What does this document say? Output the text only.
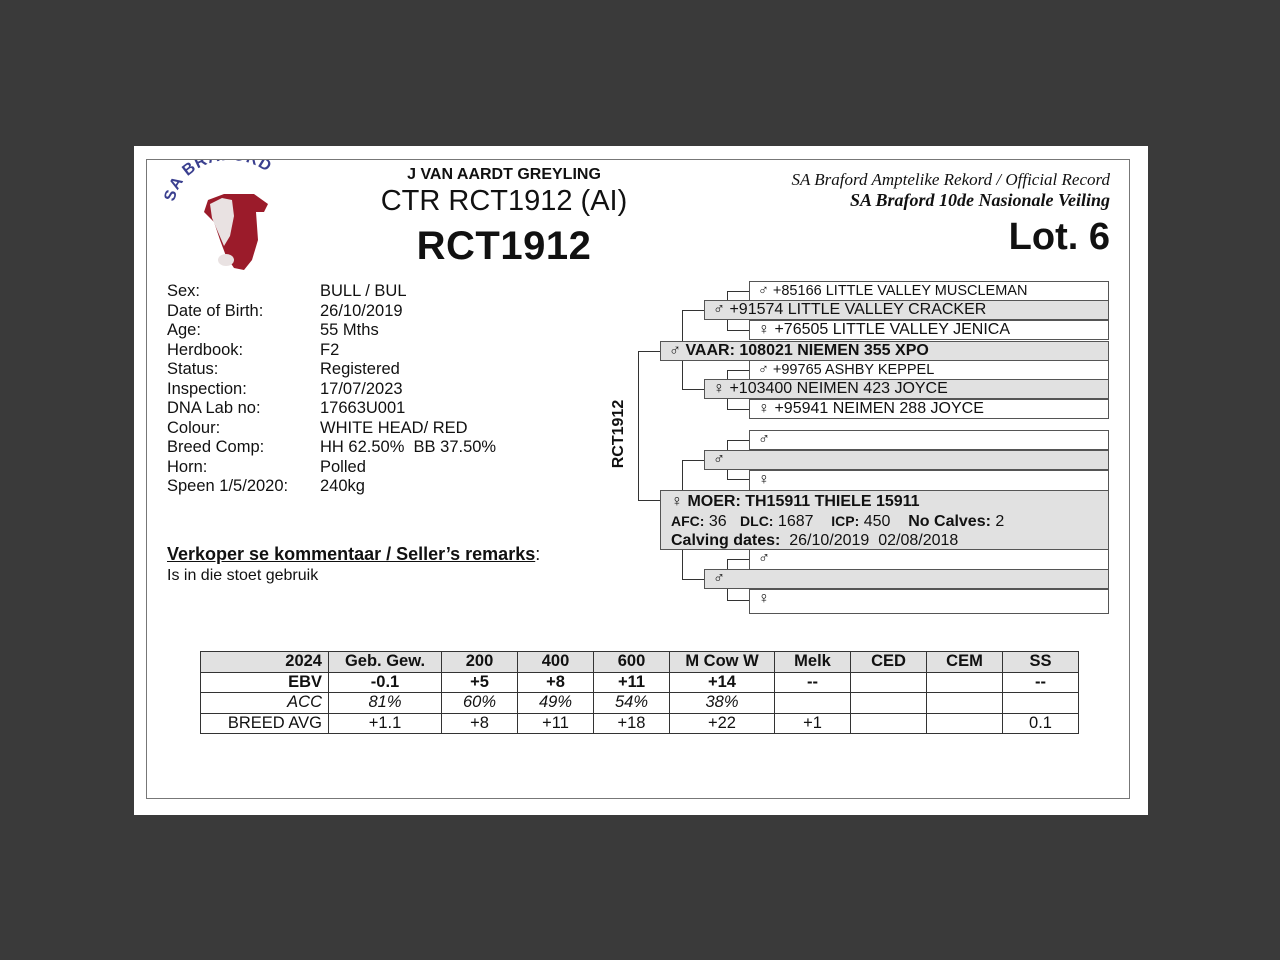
A BR D	J VAN AARDT GREYLING
CTR RCT1912 (AI)
RCT1912
SA Braford Amptelike Rekord / Official Record
SA Braford 10de Nasionale Veiling
Lot. 6
Sex:	BULL / BUL
Date of Birth:	26/10/2019
Age:	55 Mths
Herdbook:	F2
Status:	Registered
Inspection:	17/07/2023
DNA Lab no:	17663U001
Colour:	WHITE HEAD/ RED
Breed Comp:	HH 62.50%  BB 37.50%
Horn:	Polled
Speen 1/5/2020:	240kg
Verkoper se kommentaar / Seller’s remarks:
Is in die stoet gebruik
RCT1912
♂ +85166 LITTLE VALLEY MUSCLEMAN
♂ +91574 LITTLE VALLEY CRACKER
♀ +76505 LITTLE VALLEY JENICA
♂ VAAR: 108021 NIEMEN 355 XPO
♂ +99765 ASHBY KEPPEL
♀ +103400 NEIMEN 423 JOYCE
♀ +95941 NEIMEN 288 JOYCE
♂
♂
♀
♀ MOER: TH15911 THIELE 15911
AFC: 36 DLC: 1687 ICP: 450 No Calves: 2
Calving dates: 26/10/2019  02/08/2018
♂
♂
♀
2024	Geb. Gew.	200	400	600	M Cow W	Melk	CED	CEM	SS
EBV	-0.1	+5	+8	+11	+14	--			--
ACC	81%	60%	49%	54%	38%				
BREED AVG	+1.1	+8	+11	+18	+22	+1			0.1
